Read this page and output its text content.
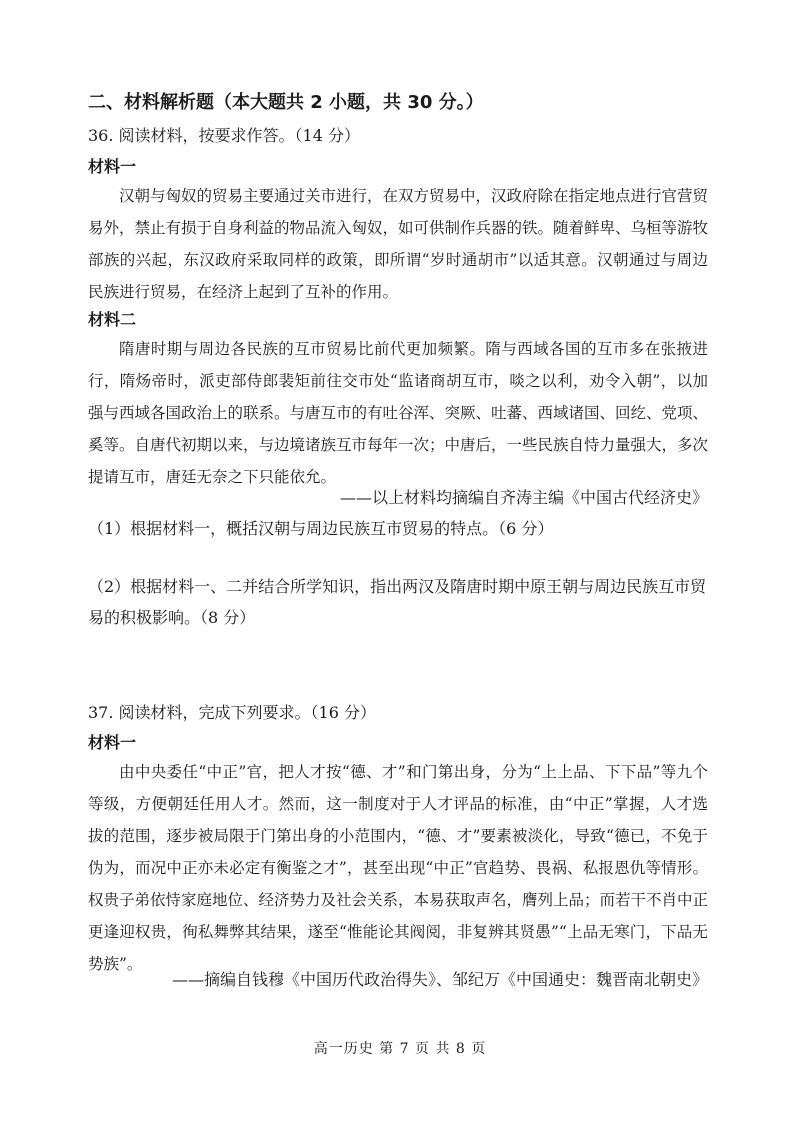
二、材料解析题（本大题共 2 小题，共 30 分。）
36. 阅读材料，按要求作答。（14 分）
材料一
汉朝与匈奴的贸易主要通过关市进行，在双方贸易中，汉政府除在指定地点进行官营贸易外，禁止有损于自身利益的物品流入匈奴，如可供制作兵器的铁。随着鲜卑、乌桓等游牧部族的兴起，东汉政府采取同样的政策，即所谓“岁时通胡市”以适其意。汉朝通过与周边民族进行贸易，在经济上起到了互补的作用。
材料二
隋唐时期与周边各民族的互市贸易比前代更加频繁。隋与西域各国的互市多在张掖进行，隋炀帝时，派吏部侍郎裴矩前往交市处“监诸商胡互市，啖之以利，劝令入朝”，以加强与西域各国政治上的联系。与唐互市的有吐谷浑、突厥、吐蕃、西域诸国、回纥、党项、奚等。自唐代初期以来，与边境诸族互市每年一次；中唐后，一些民族自恃力量强大，多次提请互市，唐廷无奈之下只能依允。
——以上材料均摘编自齐涛主编《中国古代经济史》
（1）根据材料一，概括汉朝与周边民族互市贸易的特点。（6 分）
（2）根据材料一、二并结合所学知识，指出两汉及隋唐时期中原王朝与周边民族互市贸
易的积极影响。（8 分）
37. 阅读材料，完成下列要求。（16 分）
材料一
由中央委任“中正”官，把人才按“德、才”和门第出身，分为“上上品、下下品”等九个等级，方便朝廷任用人才。然而，这一制度对于人才评品的标准，由“中正”掌握，人才选拔的范围，逐步被局限于门第出身的小范围内，“德、才”要素被淡化，导致“德已，不免于伪为，而况中正亦未必定有衡鉴之才”，甚至出现“中正”官趋势、畏祸、私报恩仇等情形。权贵子弟依恃家庭地位、经济势力及社会关系，本易获取声名，膺列上品；而若干不肖中正更逢迎权贵，徇私舞弊其结果，遂至“惟能论其阀阅，非复辨其贤愚”“上品无寒门，下品无势族”。
——摘编自钱穆《中国历代政治得失》、邹纪万《中国通史：魏晋南北朝史》
高一历史 第 7 页 共 8 页
